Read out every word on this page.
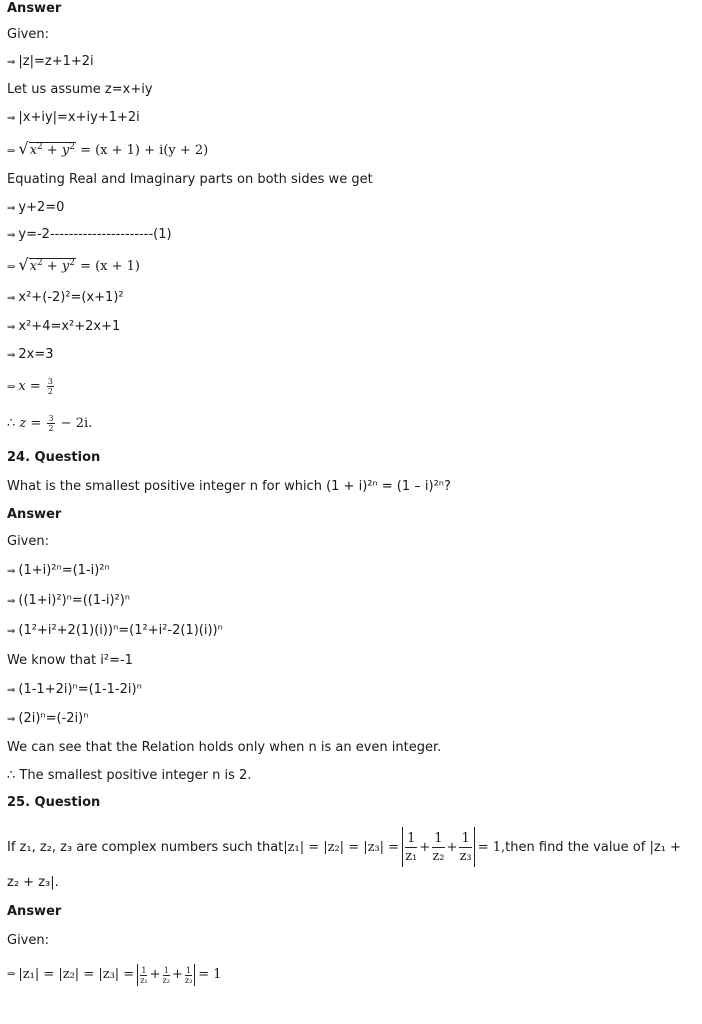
Answer
Given:
⇒ |z|=z+1+2i
Let us assume z=x+iy
⇒ |x+iy|=x+iy+1+2i
⇒ $√x^2 + y^2 = (x + 1) + i(y + 2)$
Equating Real and Imaginary parts on both sides we get
⇒ y+2=0
⇒ y=-2----------------------(1)
⇒ $√x^2 + y^2 = (x + 1)$
⇒ x²+(-2)²=(x+1)²
⇒ x²+4=x²+2x+1
⇒ 2x=3
⇒ $x = \frac{3}{2}$
∴ $z = \frac{3}{2} - 2i$.
24. Question
What is the smallest positive integer n for which (1 + i)²ⁿ = (1 – i)²ⁿ?
Answer
Given:
⇒ (1+i)²ⁿ=(1-i)²ⁿ
⇒ ((1+i)²)ⁿ=((1-i)²)ⁿ
⇒ (1²+i²+2(1)(i))ⁿ=(1²+i²-2(1)(i))ⁿ
We know that i²=-1
⇒ (1-1+2i)ⁿ=(1-1-2i)ⁿ
⇒ (2i)ⁿ=(-2i)ⁿ
We can see that the Relation holds only when n is an even integer.
∴ The smallest positive integer n is 2.
25. Question
If z₁, z₂, z₃ are complex numbers such that |z₁| = |z₂| = |z₃| =
1
z₁
+ $\frac{1}{\text{z₂}} + \frac{1}{\text{z₃}} = 1$, then find the value of |z₁ +
z₂ + z₃|.
Answer
Given:
⇒ $|z_1| = |z_2| = |z_3| = \frac{1}{\text{z₁}} + \frac{1}{\text{z₂}} + \frac{1}{\text{z₃}} = 1$
